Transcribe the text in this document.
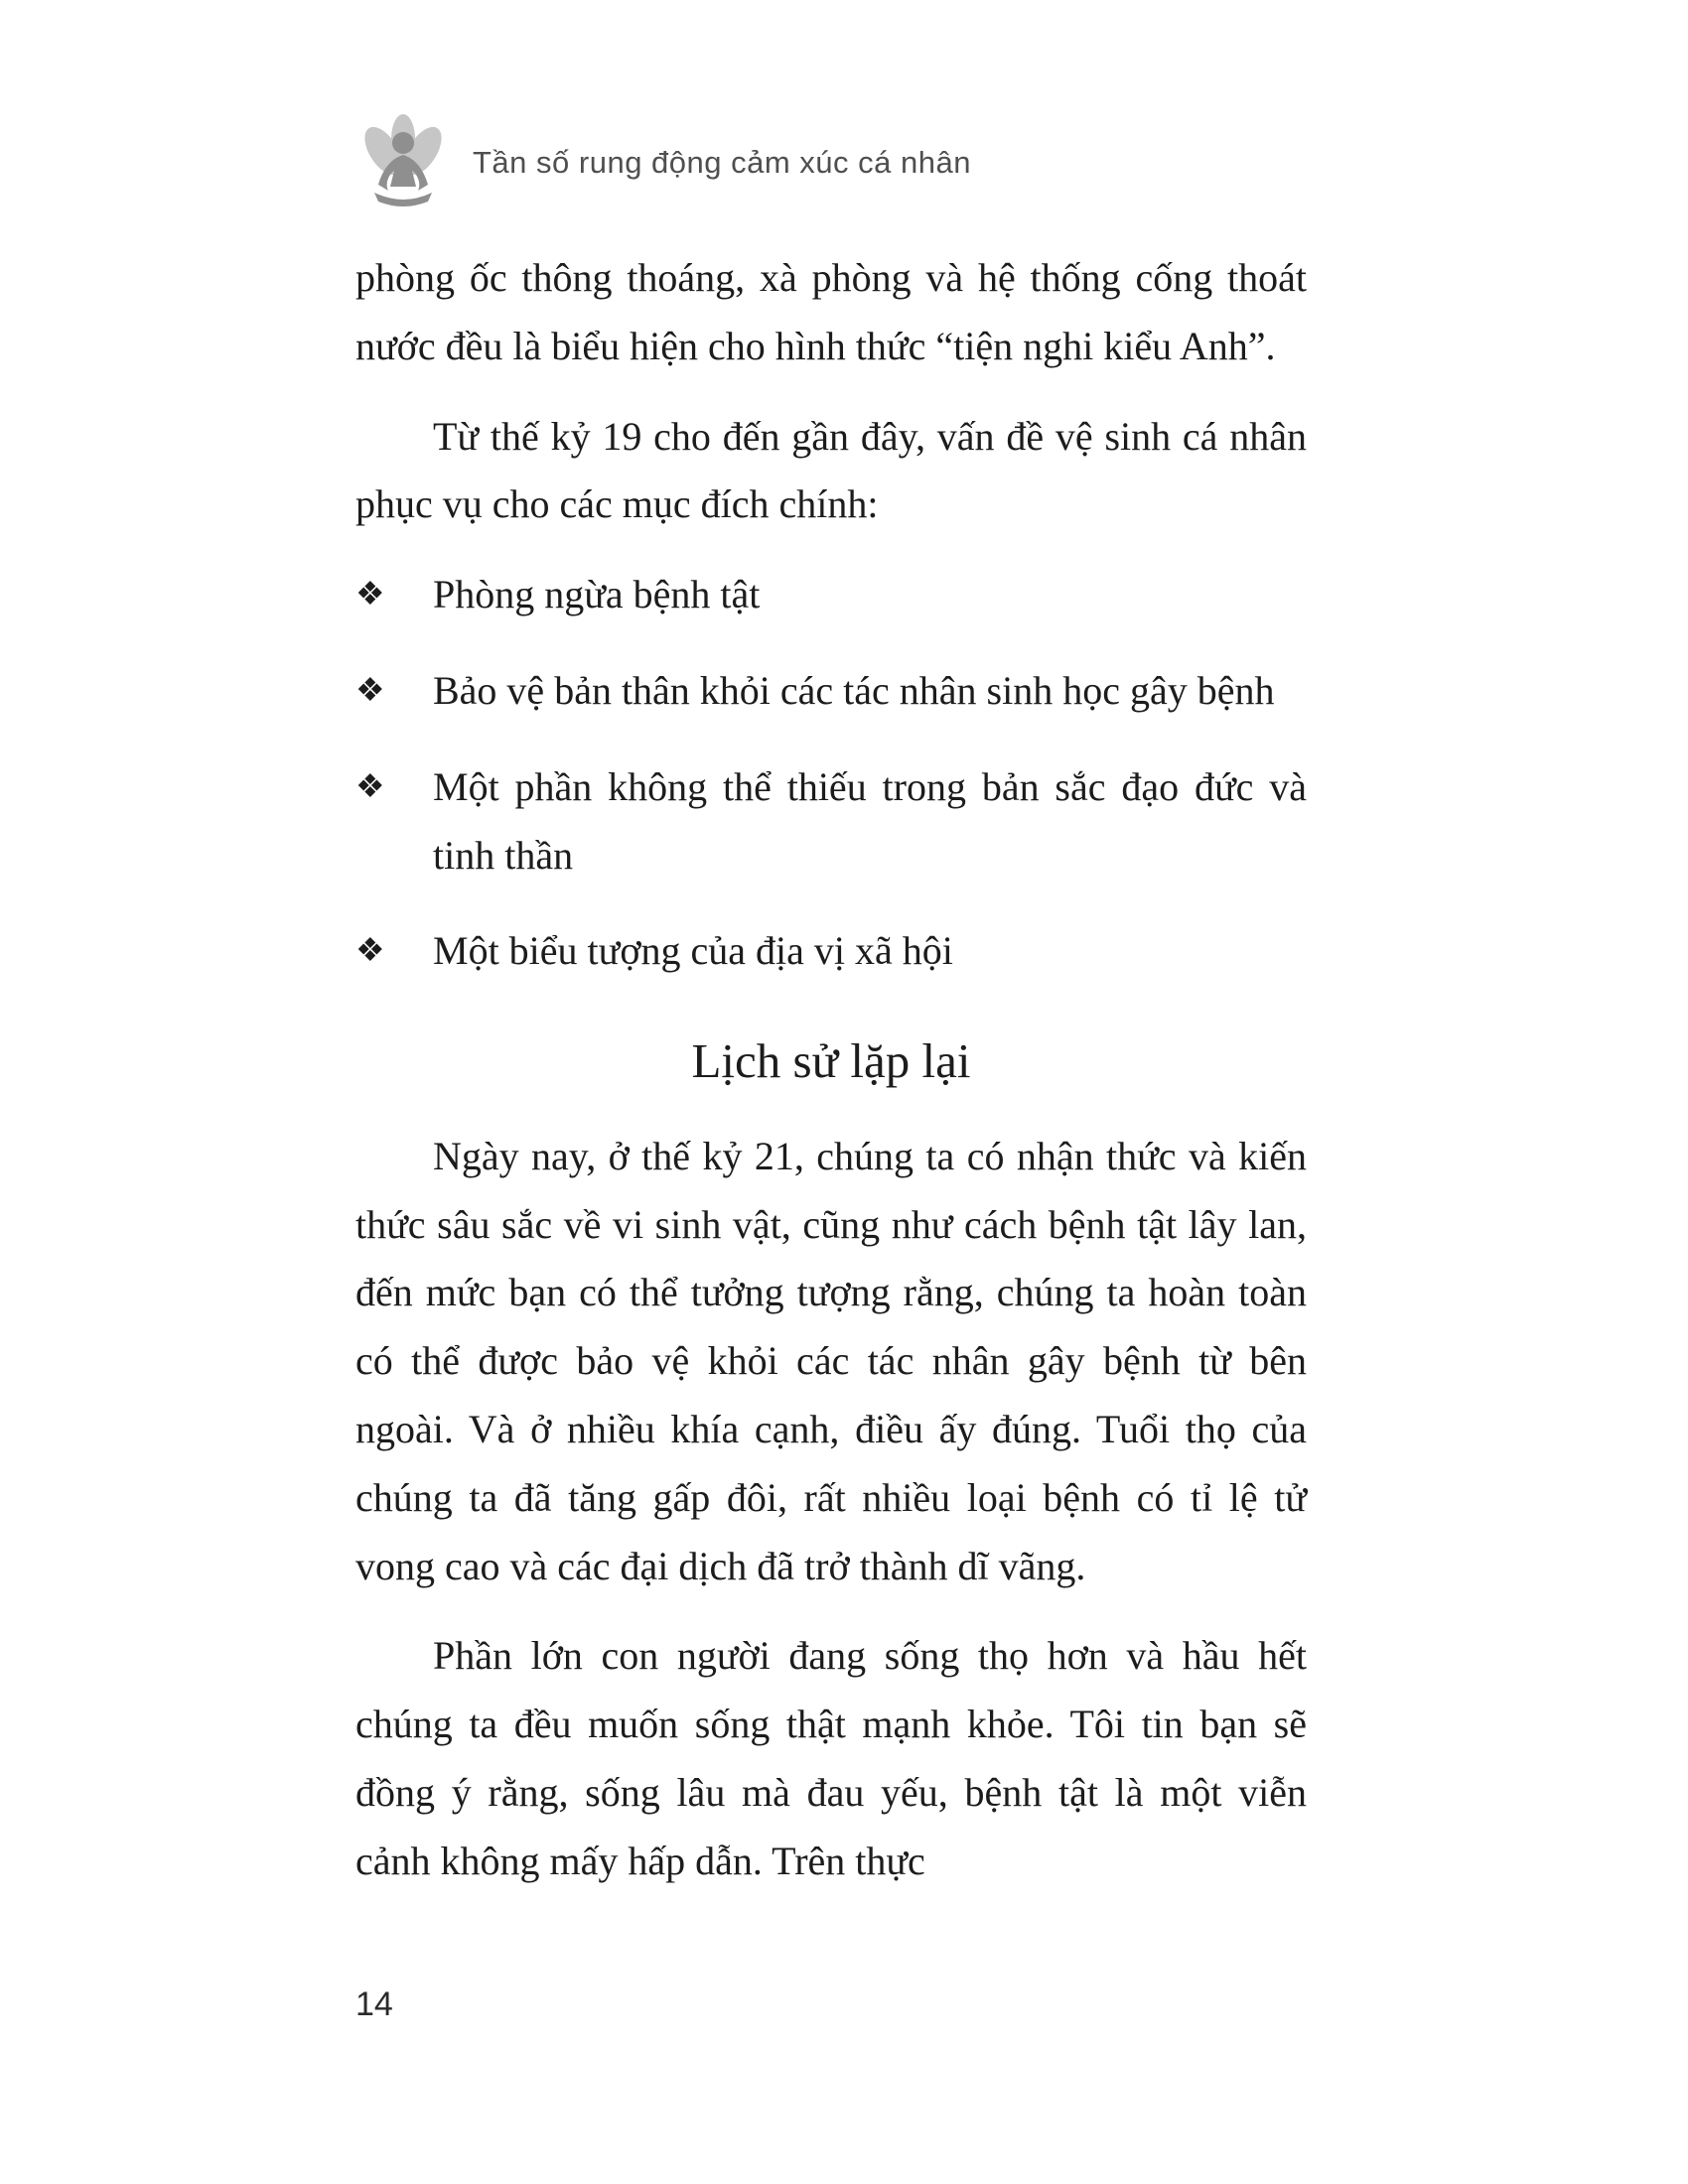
Tần số rung động cảm xúc cá nhân

phòng ốc thông thoáng, xà phòng và hệ thống cống thoát nước đều là biểu hiện cho hình thức “tiện nghi kiểu Anh”.

Từ thế kỷ 19 cho đến gần đây, vấn đề vệ sinh cá nhân phục vụ cho các mục đích chính:

❖	Phòng ngừa bệnh tật
❖	Bảo vệ bản thân khỏi các tác nhân sinh học gây bệnh
❖	Một phần không thể thiếu trong bản sắc đạo đức và tinh thần
❖	Một biểu tượng của địa vị xã hội
Lịch sử lặp lại

Ngày nay, ở thế kỷ 21, chúng ta có nhận thức và kiến thức sâu sắc về vi sinh vật, cũng như cách bệnh tật lây lan, đến mức bạn có thể tưởng tượng rằng, chúng ta hoàn toàn có thể được bảo vệ khỏi các tác nhân gây bệnh từ bên ngoài. Và ở nhiều khía cạnh, điều ấy đúng. Tuổi thọ của chúng ta đã tăng gấp đôi, rất nhiều loại bệnh có tỉ lệ tử vong cao và các đại dịch đã trở thành dĩ vãng.

Phần lớn con người đang sống thọ hơn và hầu hết chúng ta đều muốn sống thật mạnh khỏe. Tôi tin bạn sẽ đồng ý rằng, sống lâu mà đau yếu, bệnh tật là một viễn cảnh không mấy hấp dẫn. Trên thực

14
